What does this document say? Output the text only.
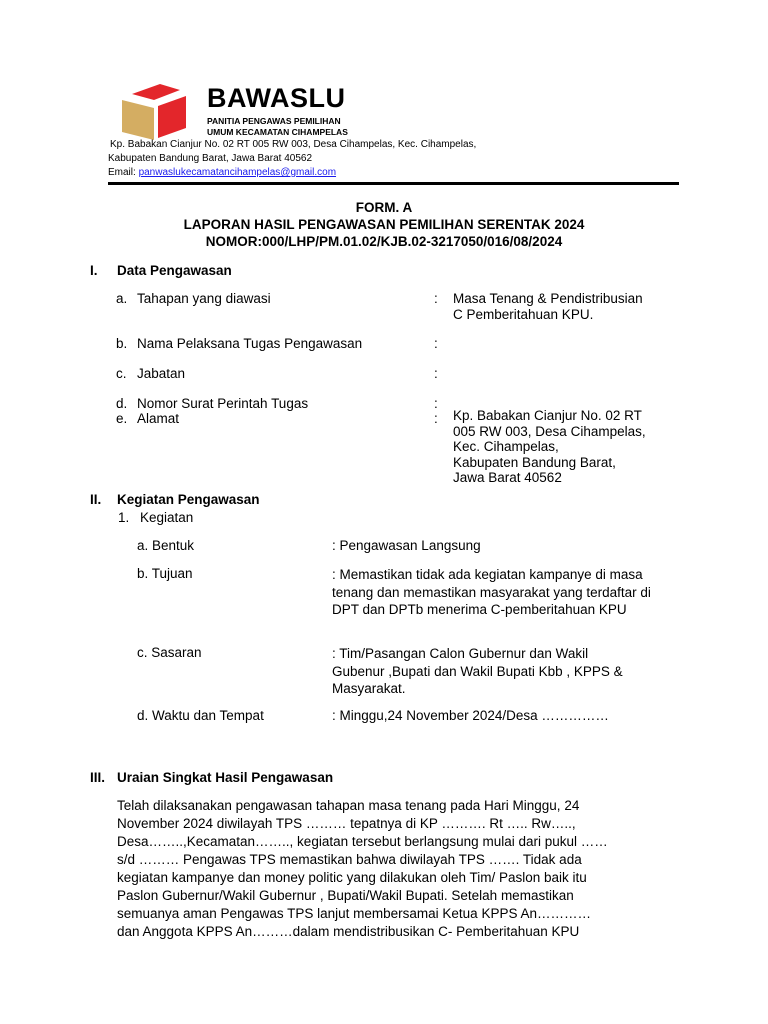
BAWASLU
PANITIA PENGAWAS PEMILIHAN
UMUM KECAMATAN CIHAMPELAS
Kp. Babakan Cianjur No. 02 RT 005 RW 003, Desa Cihampelas, Kec. Cihampelas,
Kabupaten Bandung Barat, Jawa Barat 40562
Email: panwaslukecamatancihampelas@gmail.com
FORM. A
LAPORAN HASIL PENGAWASAN PEMILIHAN SERENTAK 2024
NOMOR:000/LHP/PM.01.02/KJB.02-3217050/016/08/2024
I. Data Pengawasan
a. Tahapan yang diawasi	: Masa Tenang & Pendistribusian
C Pemberitahuan KPU.
b. Nama Pelaksana Tugas Pengawasan	:
c. Jabatan	:
d. Nomor Surat Perintah Tugas	:
e. Alamat	: Kp. Babakan Cianjur No. 02 RT
005 RW 003, Desa Cihampelas,
Kec. Cihampelas,
Kabupaten Bandung Barat,
Jawa Barat 40562
II. Kegiatan Pengawasan
1. Kegiatan
a. Bentuk	: Pengawasan Langsung
b. Tujuan	: Memastikan tidak ada kegiatan kampanye di masa
tenang dan memastikan masyarakat yang terdaftar di
DPT dan DPTb menerima C-pemberitahuan KPU
c. Sasaran	: Tim/Pasangan Calon Gubernur dan Wakil
Gubenur ,Bupati dan Wakil Bupati Kbb , KPPS &
Masyarakat.
d. Waktu dan Tempat	: Minggu,24 November 2024/Desa ……………
III. Uraian Singkat Hasil Pengawasan
Telah dilaksanakan pengawasan tahapan masa tenang pada Hari Minggu, 24
November 2024 diwilayah TPS ……… tepatnya di KP ………. Rt ….. Rw…..,
Desa……..,Kecamatan…….., kegiatan tersebut berlangsung mulai dari pukul ……
s/d ……… Pengawas TPS memastikan bahwa diwilayah TPS ……. Tidak ada
kegiatan kampanye dan money politic yang dilakukan oleh Tim/ Paslon baik itu
Paslon Gubernur/Wakil Gubernur , Bupati/Wakil Bupati. Setelah memastikan
semuanya aman Pengawas TPS lanjut membersamai Ketua KPPS An…………
dan Anggota KPPS An………dalam mendistribusikan C- Pemberitahuan KPU
